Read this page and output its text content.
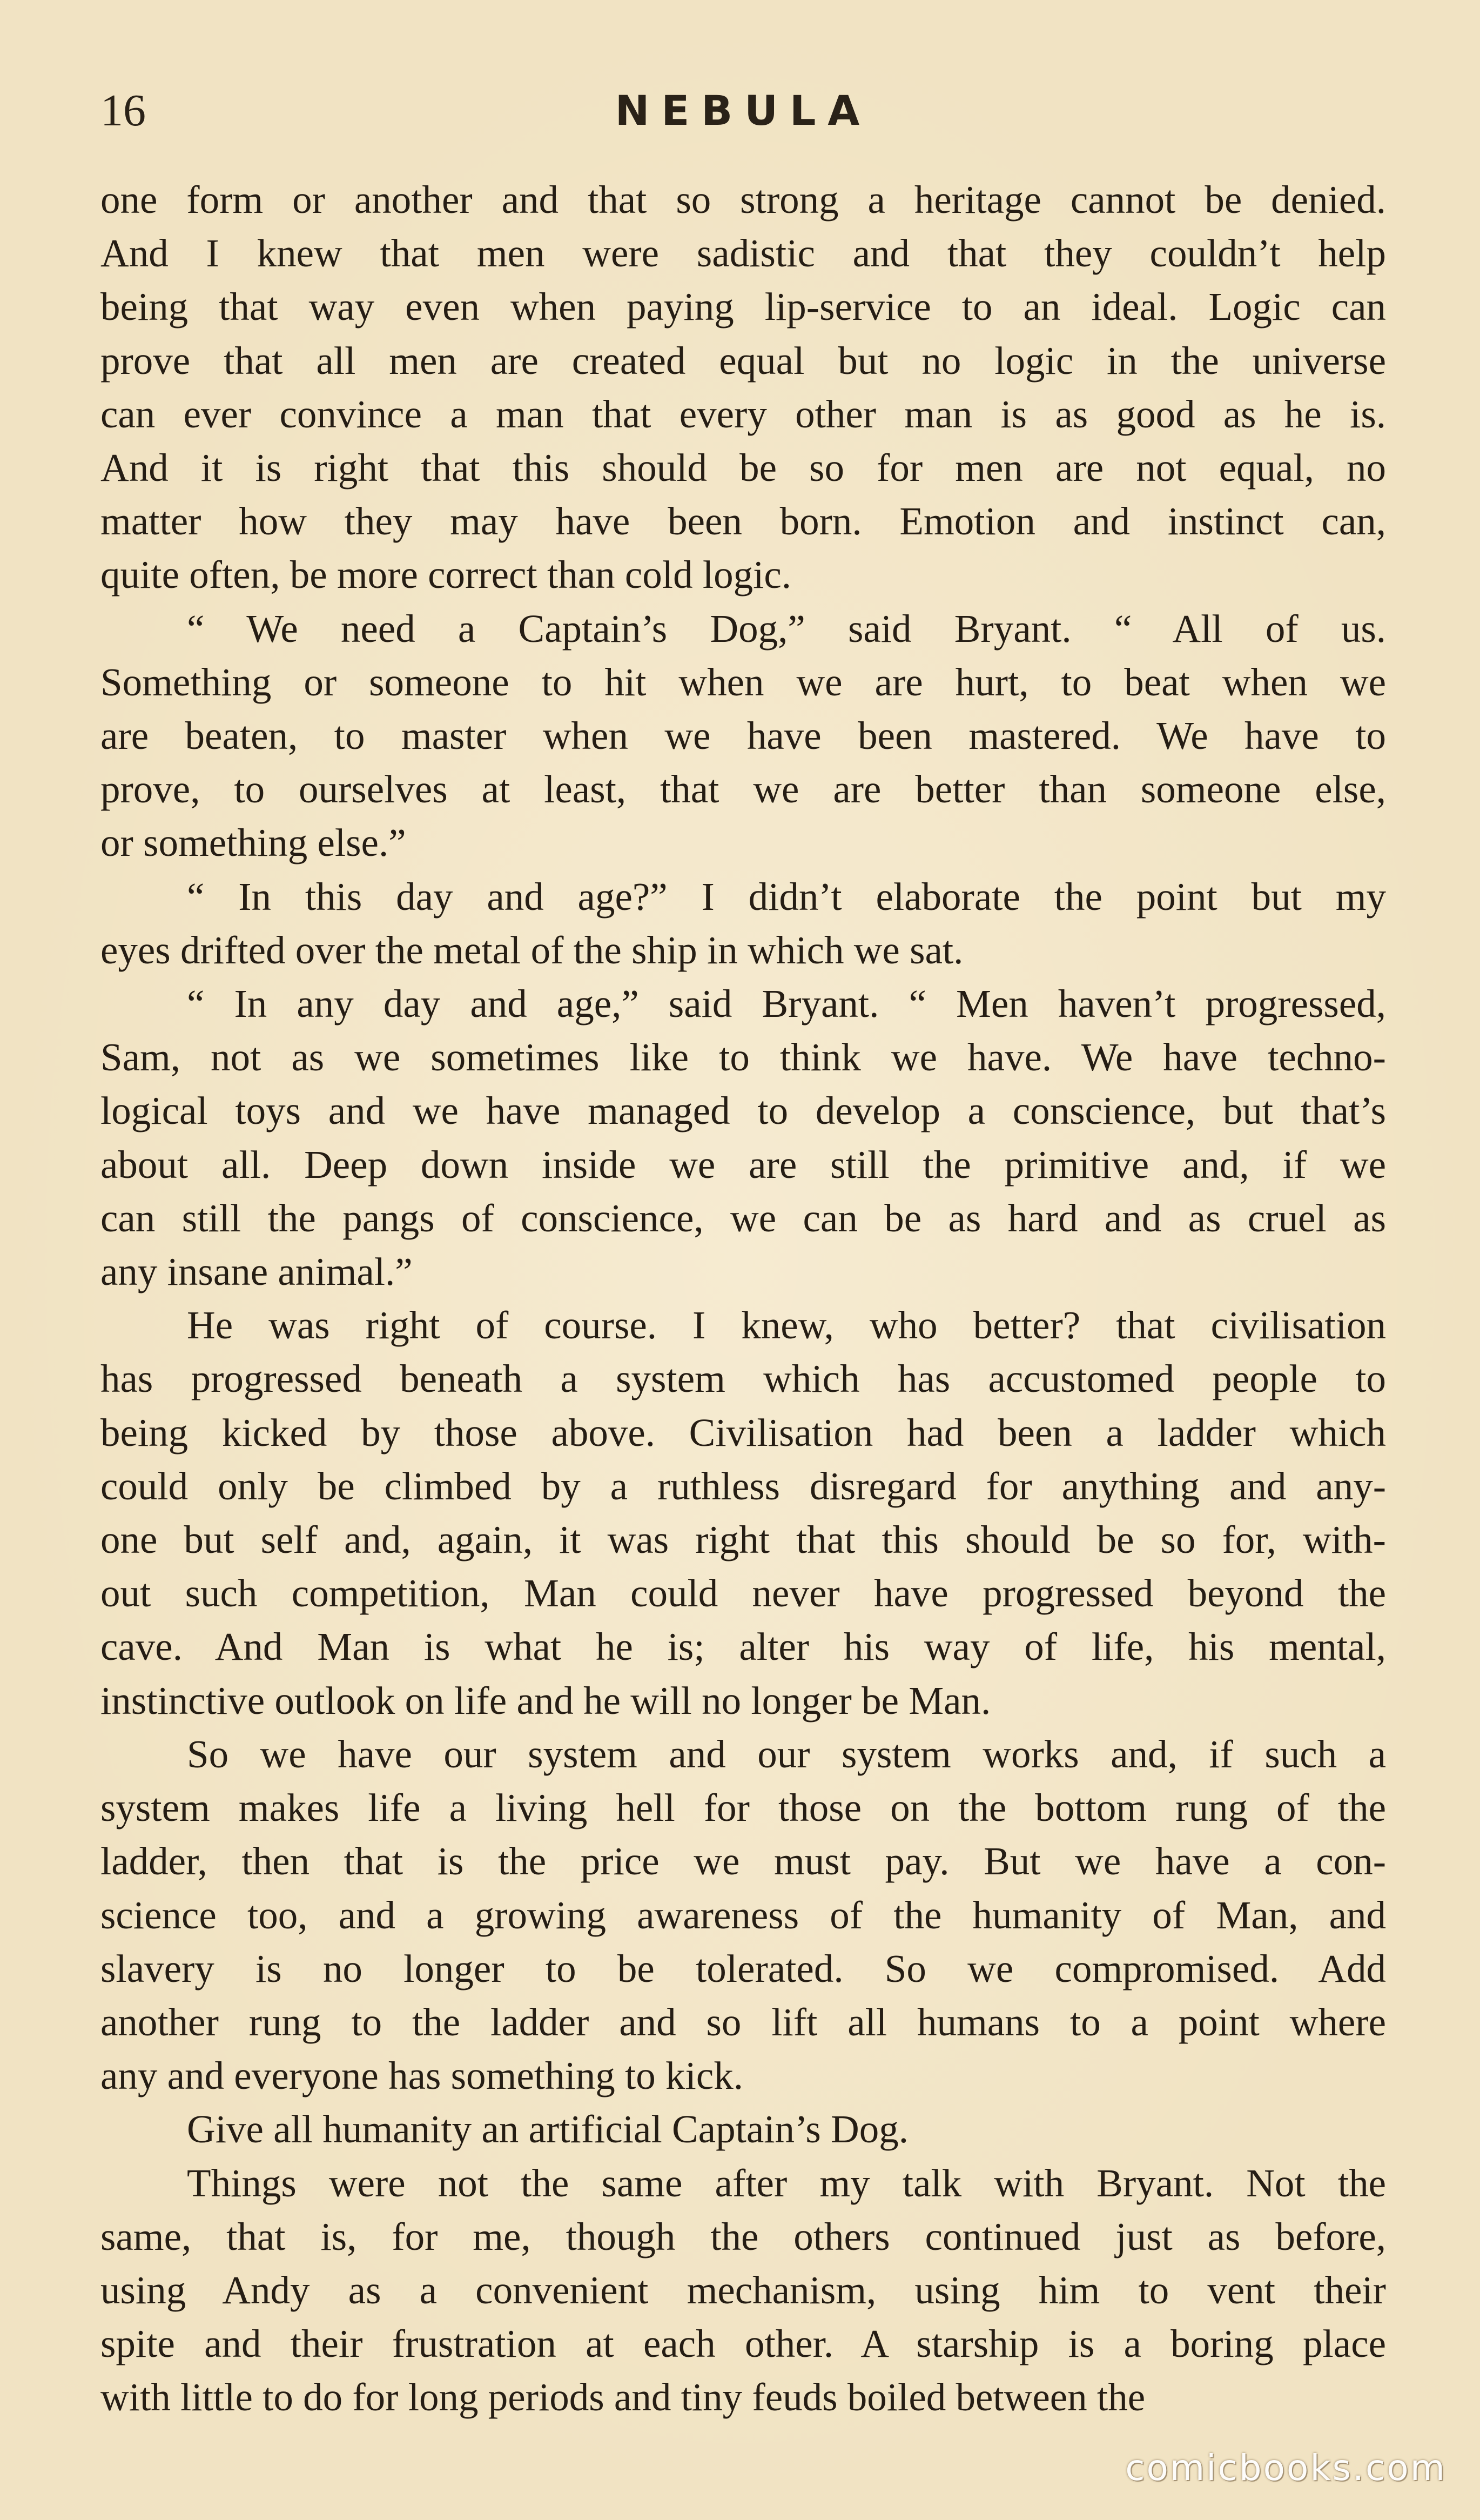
16	NEBULA
one form or another and that so strong a heritage cannot be denied.
And I knew that men were sadistic and that they couldn’t help
being that way even when paying lip-service to an ideal. Logic can
prove that all men are created equal but no logic in the universe
can ever convince a man that every other man is as good as he is.
And it is right that this should be so for men are not equal, no
matter how they may have been born. Emotion and instinct can,
quite often, be more correct than cold logic.
“ We need a Captain’s Dog,” said Bryant. “ All of us.
Something or someone to hit when we are hurt, to beat when we
are beaten, to master when we have been mastered. We have to
prove, to ourselves at least, that we are better than someone else,
or something else.”
“ In this day and age?” I didn’t elaborate the point but my
eyes drifted over the metal of the ship in which we sat.
“ In any day and age,” said Bryant. “ Men haven’t progressed,
Sam, not as we sometimes like to think we have. We have techno-
logical toys and we have managed to develop a conscience, but that’s
about all. Deep down inside we are still the primitive and, if we
can still the pangs of conscience, we can be as hard and as cruel as
any insane animal.”
He was right of course. I knew, who better? that civilisation
has progressed beneath a system which has accustomed people to
being kicked by those above. Civilisation had been a ladder which
could only be climbed by a ruthless disregard for anything and any-
one but self and, again, it was right that this should be so for, with-
out such competition, Man could never have progressed beyond the
cave. And Man is what he is; alter his way of life, his mental,
instinctive outlook on life and he will no longer be Man.
So we have our system and our system works and, if such a
system makes life a living hell for those on the bottom rung of the
ladder, then that is the price we must pay. But we have a con-
science too, and a growing awareness of the humanity of Man, and
slavery is no longer to be tolerated. So we compromised. Add
another rung to the ladder and so lift all humans to a point where
any and everyone has something to kick.
Give all humanity an artificial Captain’s Dog.
Things were not the same after my talk with Bryant. Not the
same, that is, for me, though the others continued just as before,
using Andy as a convenient mechanism, using him to vent their
spite and their frustration at each other. A starship is a boring place
with little to do for long periods and tiny feuds boiled between the
comicbooks.com
